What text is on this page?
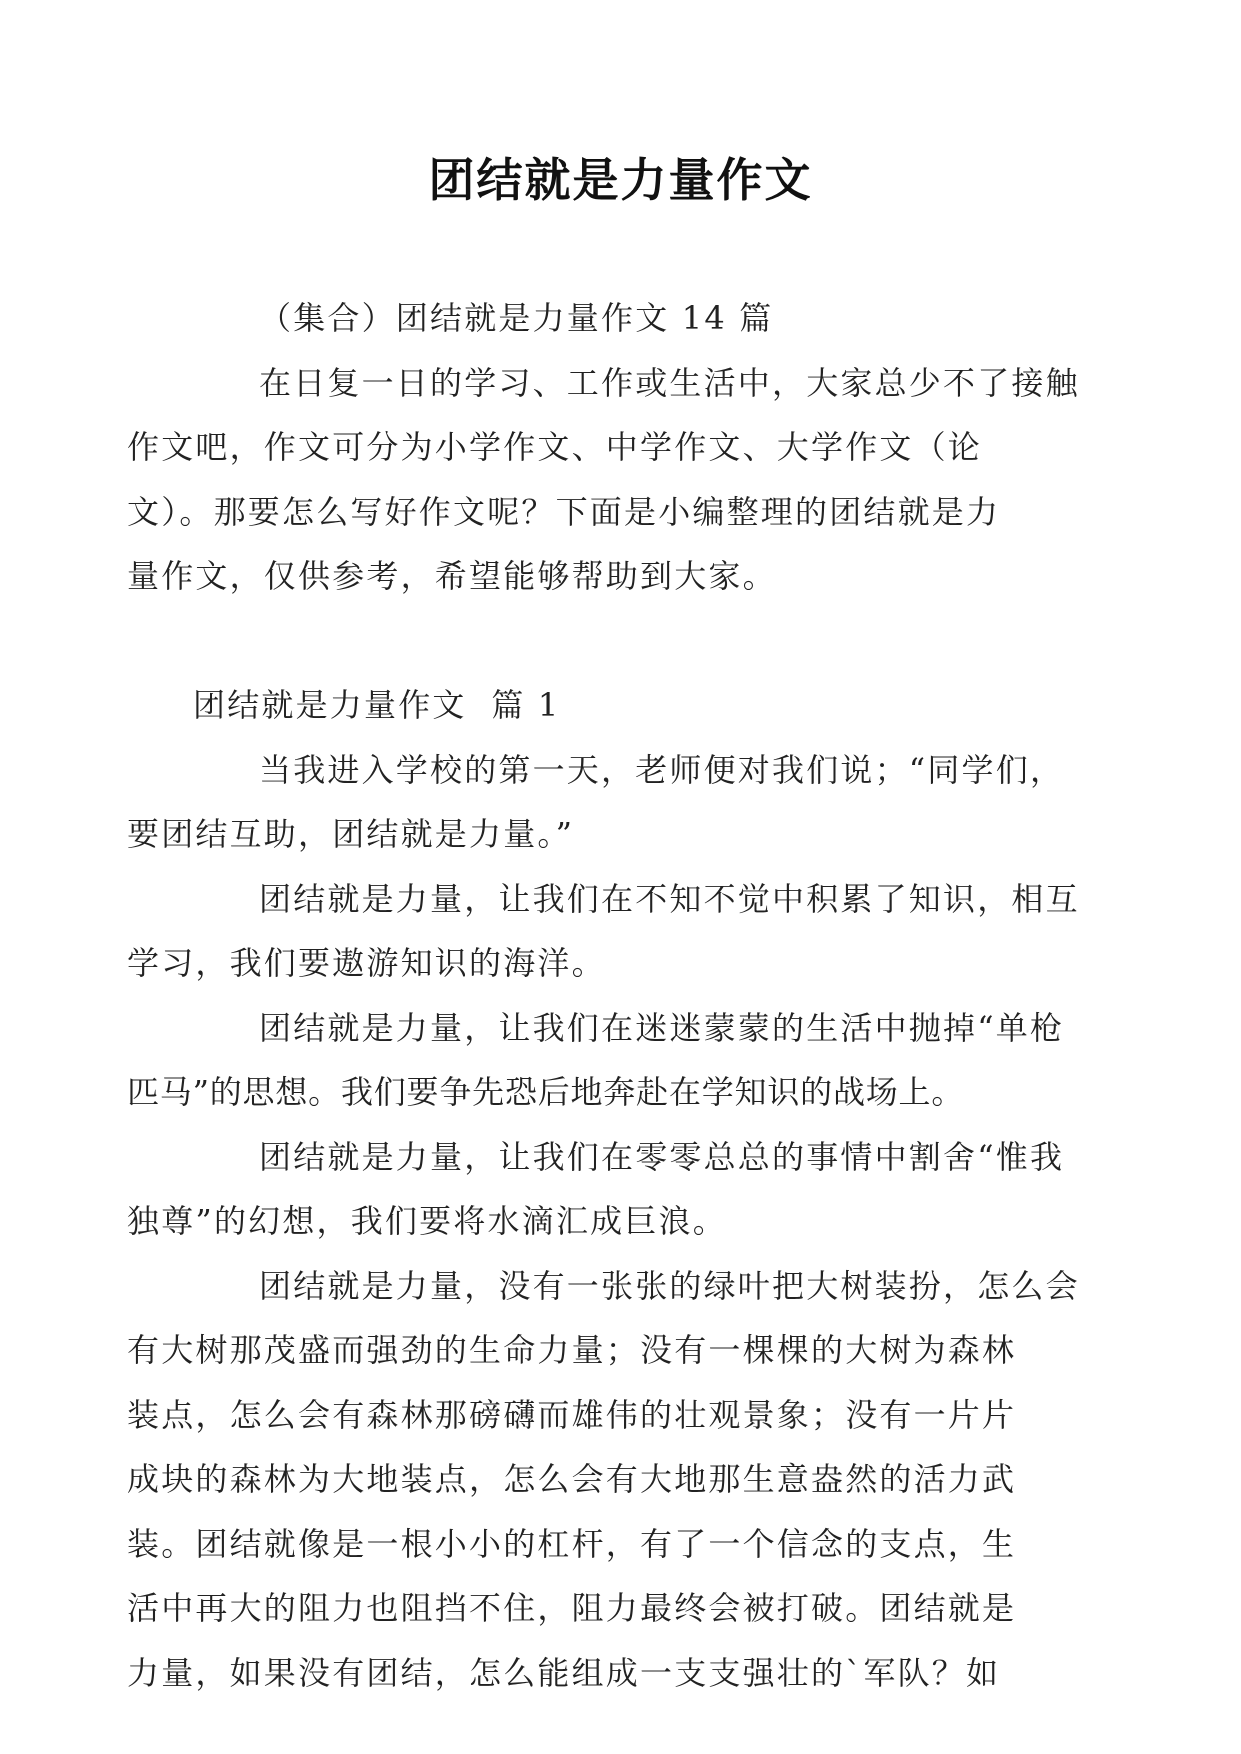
团结就是力量作文

（集合）团结就是力量作文 14 篇

在日复一日的学习、工作或生活中，大家总少不了接触
作文吧，作文可分为小学作文、中学作文、大学作文（论
文）。那要怎么写好作文呢？下面是小编整理的团结就是力
量作文，仅供参考，希望能够帮助到大家。

团结就是力量作文  篇 1

当我进入学校的第一天，老师便对我们说；“同学们，
要团结互助，团结就是力量。”
团结就是力量，让我们在不知不觉中积累了知识，相互
学习，我们要遨游知识的海洋。
团结就是力量，让我们在迷迷蒙蒙的生活中抛掉“单枪
匹马”的思想。我们要争先恐后地奔赴在学知识的战场上。
团结就是力量，让我们在零零总总的事情中割舍“惟我
独尊”的幻想，我们要将水滴汇成巨浪。
团结就是力量，没有一张张的绿叶把大树装扮，怎么会
有大树那茂盛而强劲的生命力量；没有一棵棵的大树为森林
装点，怎么会有森林那磅礴而雄伟的壮观景象；没有一片片
成块的森林为大地装点，怎么会有大地那生意盎然的活力武
装。团结就像是一根小小的杠杆，有了一个信念的支点，生
活中再大的阻力也阻挡不住，阻力最终会被打破。团结就是
力量，如果没有团结，怎么能组成一支支强壮的`军队？如
